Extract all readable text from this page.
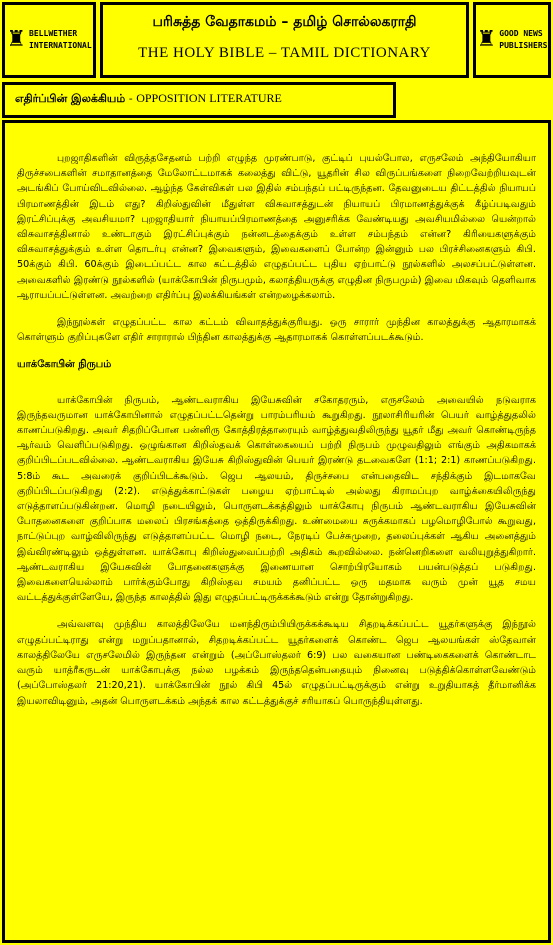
♜ BELLWETHER
INTERNATIONAL
பரிசுத்த வேதாகமம் – தமிழ் சொல்லகராதி
THE HOLY BIBLE – TAMIL DICTIONARY
♜ GOOD NEWS
PUBLISHERS
எதிர்ப்பின் இலக்கியம் - OPPOSITION LITERATURE

புறஜாதிகளின் விருத்தசேதனம் பற்றி எழுந்த முரண்பாடு, குட்டிப் புயல்போல, எருசலேம் அந்தியோகியா திருச்சபைகளின் சமாதானத்தை மேலோட்டமாகக் கலைத்து விட்டு, யூதரின் சில விருப்பங்களை நிறைவேற்றியவுடன் அடங்கிப் போய்விடவில்லை. ஆழ்ந்த கேள்விகள் பல இதில் சம்பந்தப் பட்டிருந்தன. தேவனுடைய திட்டத்தில் நியாயப் பிரமாணத்தின் இடம் எது? கிறிஸ்துவின் மீதுள்ள விசுவாசத்துடன் நியாயப் பிரமாணத்துக்குக் கீழ்ப்படிவதும் இரட்சிப்புக்கு அவசியமா? புறஜாதியார் நியாயப்பிரமாணத்தை அனுசரிக்க வேண்டியது அவசியமில்லை யென்றால் விசுவாசத்தினால் உண்டாகும் இரட்சிப்புக்கும் நன்னடத்தைக்கும் உள்ள சம்பந்தம் என்ன? கிரியைகளுக்கும் விசுவாசத்துக்கும் உள்ள தொடர்பு என்ன? இவைகளும், இவைகளைப் போன்ற இன்னும் பல பிரச்சினைகளும் கிபி. 50க்கும் கிபி. 60க்கும் இடைப்பட்ட கால கட்டத்தில் எழுதப்பட்ட புதிய ஏற்பாட்டு நூல்களில் அலசப்பட்டுள்ளன. அவைகளில் இரண்டு நூல்களில் (யாக்கோபின் நிருபமும், கலாத்தியருக்கு எழுதின நிருபமும்) இவை மிகவும் தெளிவாக ஆராயப்பட்டுள்ளன. அவற்றை எதிர்ப்பு இலக்கியங்கள் என்றழைக்கலாம்.

இந்நூல்கள் எழுதப்பட்ட கால கட்டம் விவாதத்துக்குரியது. ஒரு சாரார் முந்தின காலத்துக்கு ஆதாரமாகக் கொள்ளும் குறிப்புகளே எதிர் சாராரால் பிந்தின காலத்துக்கு ஆதாரமாகக் கொள்ளப்படக்கூடும்.

யாக்கோபின் நிருபம்

யாக்கோபின் நிருபம், ஆண்டவராகிய இயேசுவின் சகோதரரும், எருசலேம் அவையில் நடுவராக இருந்தவருமான யாக்கோபினால் எழுதப்பட்டதென்று பாரம்பரியம் கூறுகிறது. நூலாசிரியரின் பெயர் வாழ்த்துதலில் காணப்படுகிறது. அவர் சிதறிப்போன பன்னிரு கோத்திரத்தாரையும் வாழ்த்துவதிலிருந்து யூதர் மீது அவர் கொண்டிருந்த ஆர்வம் வெளிப்படுகிறது. ஒழுங்கான கிறிஸ்தவக் கொள்கையைப் பற்றி நிருபம் முழுவதிலும் எங்கும் அதிகமாகக் குறிப்பிடப்படவில்லை. ஆண்டவராகிய இயேசு கிறிஸ்துவின் பெயர் இரண்டு தடவைகளே (1:1; 2:1) காணப்படுகிறது. 5:8ம் கூட அவரைக் குறிப்பிடக்கூடும். ஜெப ஆலயம், திருச்சபை என்பதைவிட சந்திக்கும் இடமாகவே குறிப்பிடப்படுகிறது (2:2). எடுத்துக்காட்டுகள் பழைய ஏற்பாட்டில் அல்லது கிராமப்புற வாழ்க்கையிலிருந்து எடுத்தாளப்படுகின்றன. மொழி நடையிலும், பொருளடக்கத்திலும் யாக்கோபு நிருபம் ஆண்டவராகிய இயேசுவின் போதனைகளை குறிப்பாக மலைப் பிரசங்கத்தை ஒத்திருக்கிறது. உண்மையை சுருக்கமாகப் பழமொழிபோல் கூறுவது, நாட்டுப்புற வாழ்விலிருந்து எடுத்தாளப்பட்ட மொழி நடை, நேரடிப் பேச்சுமுறை, தலைப்புக்கள் ஆகிய அனைத்தும் இவ்விரண்டிலும் ஒத்துள்ளன. யாக்கோபு கிறிஸ்துவைப்பற்றி அதிகம் கூறவில்லை. நன்னெறிகளை வலியுறுத்துகிறார். ஆண்டவராகிய இயேசுவின் போதனைகளுக்கு இணையான சொற்பிரயோகம் பயன்படுத்தப் படுகிறது. இவைகளையெல்லாம் பார்க்கும்போது கிறிஸ்தவ சமயம் தனிப்பட்ட ஒரு மதமாக வரும் முன் யூத சமய வட்டத்துக்குள்ளேயே, இருந்த காலத்தில் இது எழுதப்பட்டிருக்கக்கூடும் என்று தோன்றுகிறது.

அவ்வளவு முந்திய காலத்திலேயே மனந்திரும்பியிருக்கக்கூடிய சிதறடிக்கப்பட்ட யூதர்களுக்கு இந்நூல் எழுதப்பட்டிராது என்று மறுப்பதானால், சிதறடிக்கப்பட்ட யூதர்களைக் கொண்ட ஜெப ஆலயங்கள் ஸ்தேவான் காலத்திலேயே எருசலேமில் இருந்தன என்றும் (அப்போஸ்தலர் 6:9) பல வகையான பண்டிகைகளைக் கொண்டாட வரும் யாத்ரீகருடன் யாக்கோபுக்கு நல்ல பழக்கம் இருந்ததென்பதையும் நினைவு படுத்திக்கொள்ளவேண்டும் (அப்போஸ்தலர் 21:20,21). யாக்கோபின் நூல் கிபி 45ல் எழுதப்பட்டிருக்கும் என்று உறுதியாகத் தீர்மானிக்க இயலாவிடினும், அதன் பொருளடக்கம் அந்தக் கால கட்டத்துக்குச் சரியாகப் பொருந்தியுள்ளது.
